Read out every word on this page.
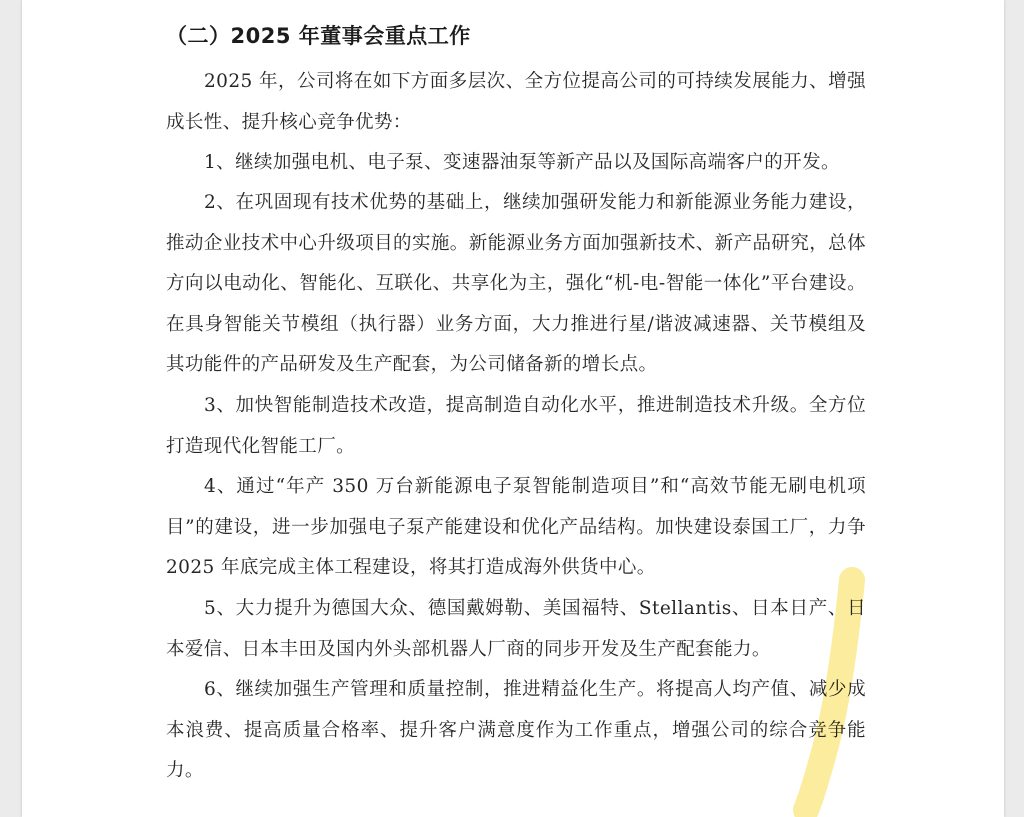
（二）2025 年董事会重点工作
2025 年，公司将在如下方面多层次、全方位提高公司的可持续发展能力、增强成长性、提升核心竞争优势：
1、继续加强电机、电子泵、变速器油泵等新产品以及国际高端客户的开发。
2、在巩固现有技术优势的基础上，继续加强研发能力和新能源业务能力建设，推动企业技术中心升级项目的实施。新能源业务方面加强新技术、新产品研究，总体方向以电动化、智能化、互联化、共享化为主，强化“机-电-智能一体化”平台建设。在具身智能关节模组（执行器）业务方面，大力推进行星/谐波减速器、关节模组及其功能件的产品研发及生产配套，为公司储备新的增长点。
3、加快智能制造技术改造，提高制造自动化水平，推进制造技术升级。全方位打造现代化智能工厂。
4、通过“年产 350 万台新能源电子泵智能制造项目”和“高效节能无刷电机项目”的建设，进一步加强电子泵产能建设和优化产品结构。加快建设泰国工厂，力争 2025 年底完成主体工程建设，将其打造成海外供货中心。
5、大力提升为德国大众、德国戴姆勒、美国福特、Stellantis、日本日产、日本爱信、日本丰田及国内外头部机器人厂商的同步开发及生产配套能力。
6、继续加强生产管理和质量控制，推进精益化生产。将提高人均产值、减少成本浪费、提高质量合格率、提升客户满意度作为工作重点，增强公司的综合竞争能力。
